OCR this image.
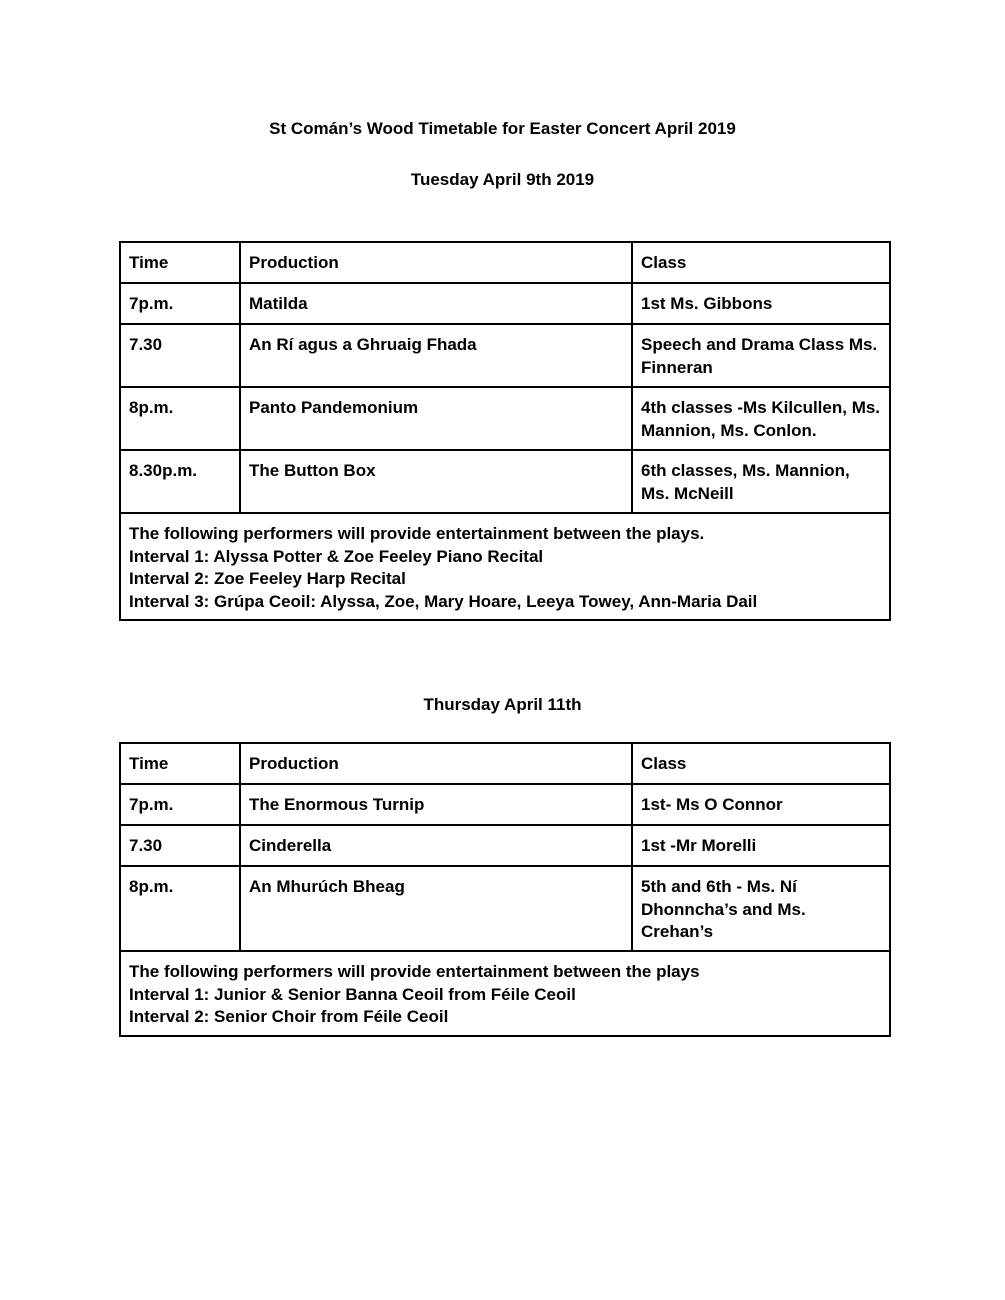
St Comán’s Wood Timetable for Easter Concert April 2019
Tuesday April 9th 2019
Time	Production	Class
7p.m.	Matilda	1st Ms. Gibbons
7.30	An Rí agus a Ghruaig Fhada	Speech and Drama Class Ms. Finneran
8p.m.	Panto Pandemonium	4th classes -Ms Kilcullen, Ms. Mannion, Ms. Conlon.
8.30p.m.	The Button Box	6th classes, Ms. Mannion, Ms. McNeill

The following performers will provide entertainment between the plays.
Interval 1: Alyssa Potter & Zoe Feeley Piano Recital
Interval 2: Zoe Feeley Harp Recital
Interval 3: Grúpa Ceoil: Alyssa, Zoe, Mary Hoare, Leeya Towey, Ann-Maria Dail		
Thursday April 11th
Time	Production	Class
7p.m.	The Enormous Turnip	1st- Ms O Connor
7.30	Cinderella	1st -Mr Morelli
8p.m.	An Mhurúch Bheag	5th and 6th - Ms. Ní Dhonncha’s and Ms. Crehan’s

The following performers will provide entertainment between the plays
Interval 1: Junior & Senior Banna Ceoil from Féile Ceoil
Interval 2: Senior Choir from Féile Ceoil		
